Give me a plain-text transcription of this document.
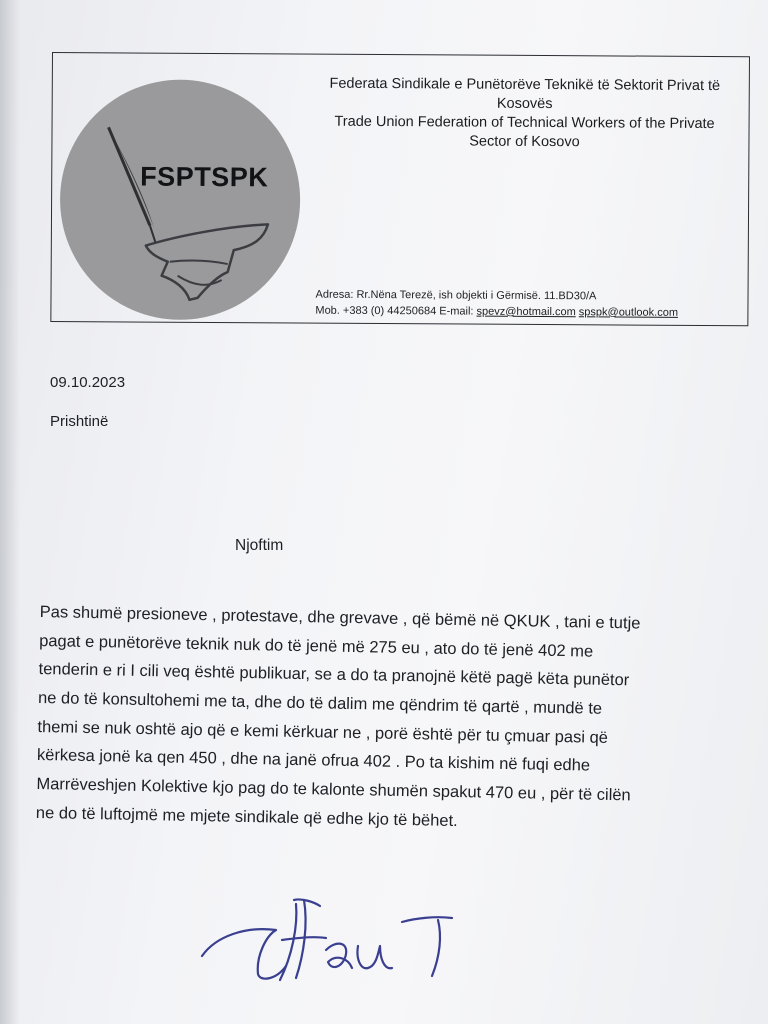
FSPTSPK
Federata Sindikale e Punëtorëve Teknikë të Sektorit Privat të
Kosovës
Trade Union Federation of Technical Workers of the Private
Sector of Kosovo
Adresa: Rr.Nëna Terezë, ish objekti i Gërmisë. 11.BD30/A
Mob. +383 (0) 44250684 E-mail: spevz@hotmail.com spspk@outlook.com
09.10.2023
Prishtinë
Njoftim
Pas shumë presioneve , protestave, dhe grevave , që bëmë në QKUK , tani e tutje
pagat e punëtorëve teknik nuk do të jenë më 275 eu , ato do të jenë 402 me
tenderin e ri I cili veq është publikuar, se a do ta pranojnë këtë pagë këta punëtor
ne do të konsultohemi me ta, dhe do të dalim me qëndrim të qartë , mundë te
themi se nuk oshtë ajo që e kemi kërkuar ne , porë është për tu çmuar pasi që
kërkesa jonë ka qen 450 , dhe na janë ofrua 402 . Po ta kishim në fuqi edhe
Marrëveshjen Kolektive kjo pag do te kalonte shumën spakut 470 eu , për të cilën
ne do të luftojmë me mjete sindikale që edhe kjo të bëhet.
